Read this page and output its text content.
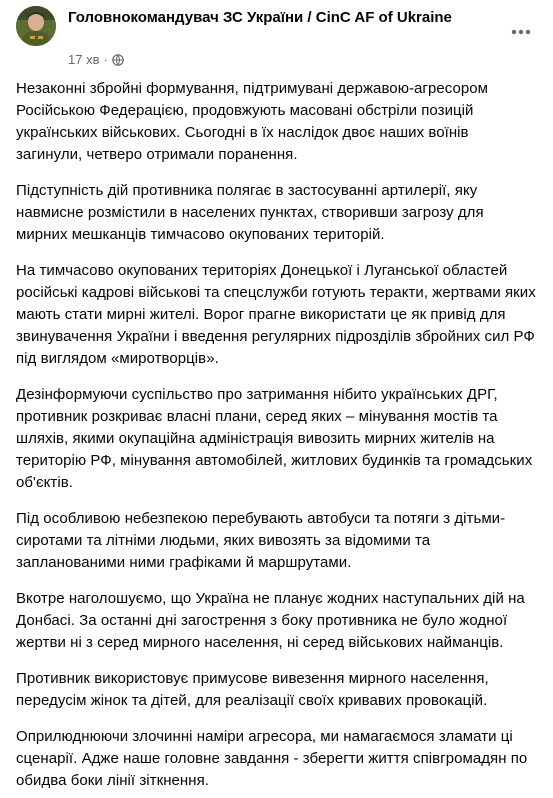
Головнокомандувач ЗС України / CinC AF of Ukraine
17 хв ·

Незаконні збройні формування, підтримувані державою-агресором Російською Федерацією, продовжують масовані обстріли позицій українських військових. Сьогодні в їх наслідок двоє наших воїнів загинули, четверо отримали поранення.

Підступність дій противника полягає в застосуванні артилерії, яку навмисне розмістили в населених пунктах, створивши загрозу для мирних мешканців тимчасово окупованих територій.

На тимчасово окупованих територіях Донецької і Луганської областей російські кадрові військові та спецслужби готують теракти, жертвами яких мають стати мирні жителі. Ворог прагне використати це як привід для звинувачення України і введення регулярних підрозділів збройних сил РФ під виглядом «миротворців».

Дезінформуючи суспільство про затримання нібито українських ДРГ, противник розкриває власні плани, серед яких – мінування мостів та шляхів, якими окупаційна адміністрація вивозить мирних жителів на територію РФ, мінування автомобілей, житлових будинків та громадських об'єктів.

Під особливою небезпекою перебувають автобуси та потяги з дітьми-сиротами та літніми людьми, яких вивозять за відомими та запланованими ними графіками й маршрутами.

Вкотре наголошуємо, що Україна не планує жодних наступальних дій на Донбасі. За останні дні загострення з боку противника не було жодної жертви ні з серед мирного населення, ні серед військових найманців.

Противник використовує примусове вивезення мирного населення, передусім жінок та дітей, для реалізації своїх кривавих провокацій.

Оприлюднюючи злочинні наміри агресора, ми намагаємося зламати ці сценарії. Адже наше головне завдання - зберегти життя співгромадян по обидва боки лінії зіткнення.
